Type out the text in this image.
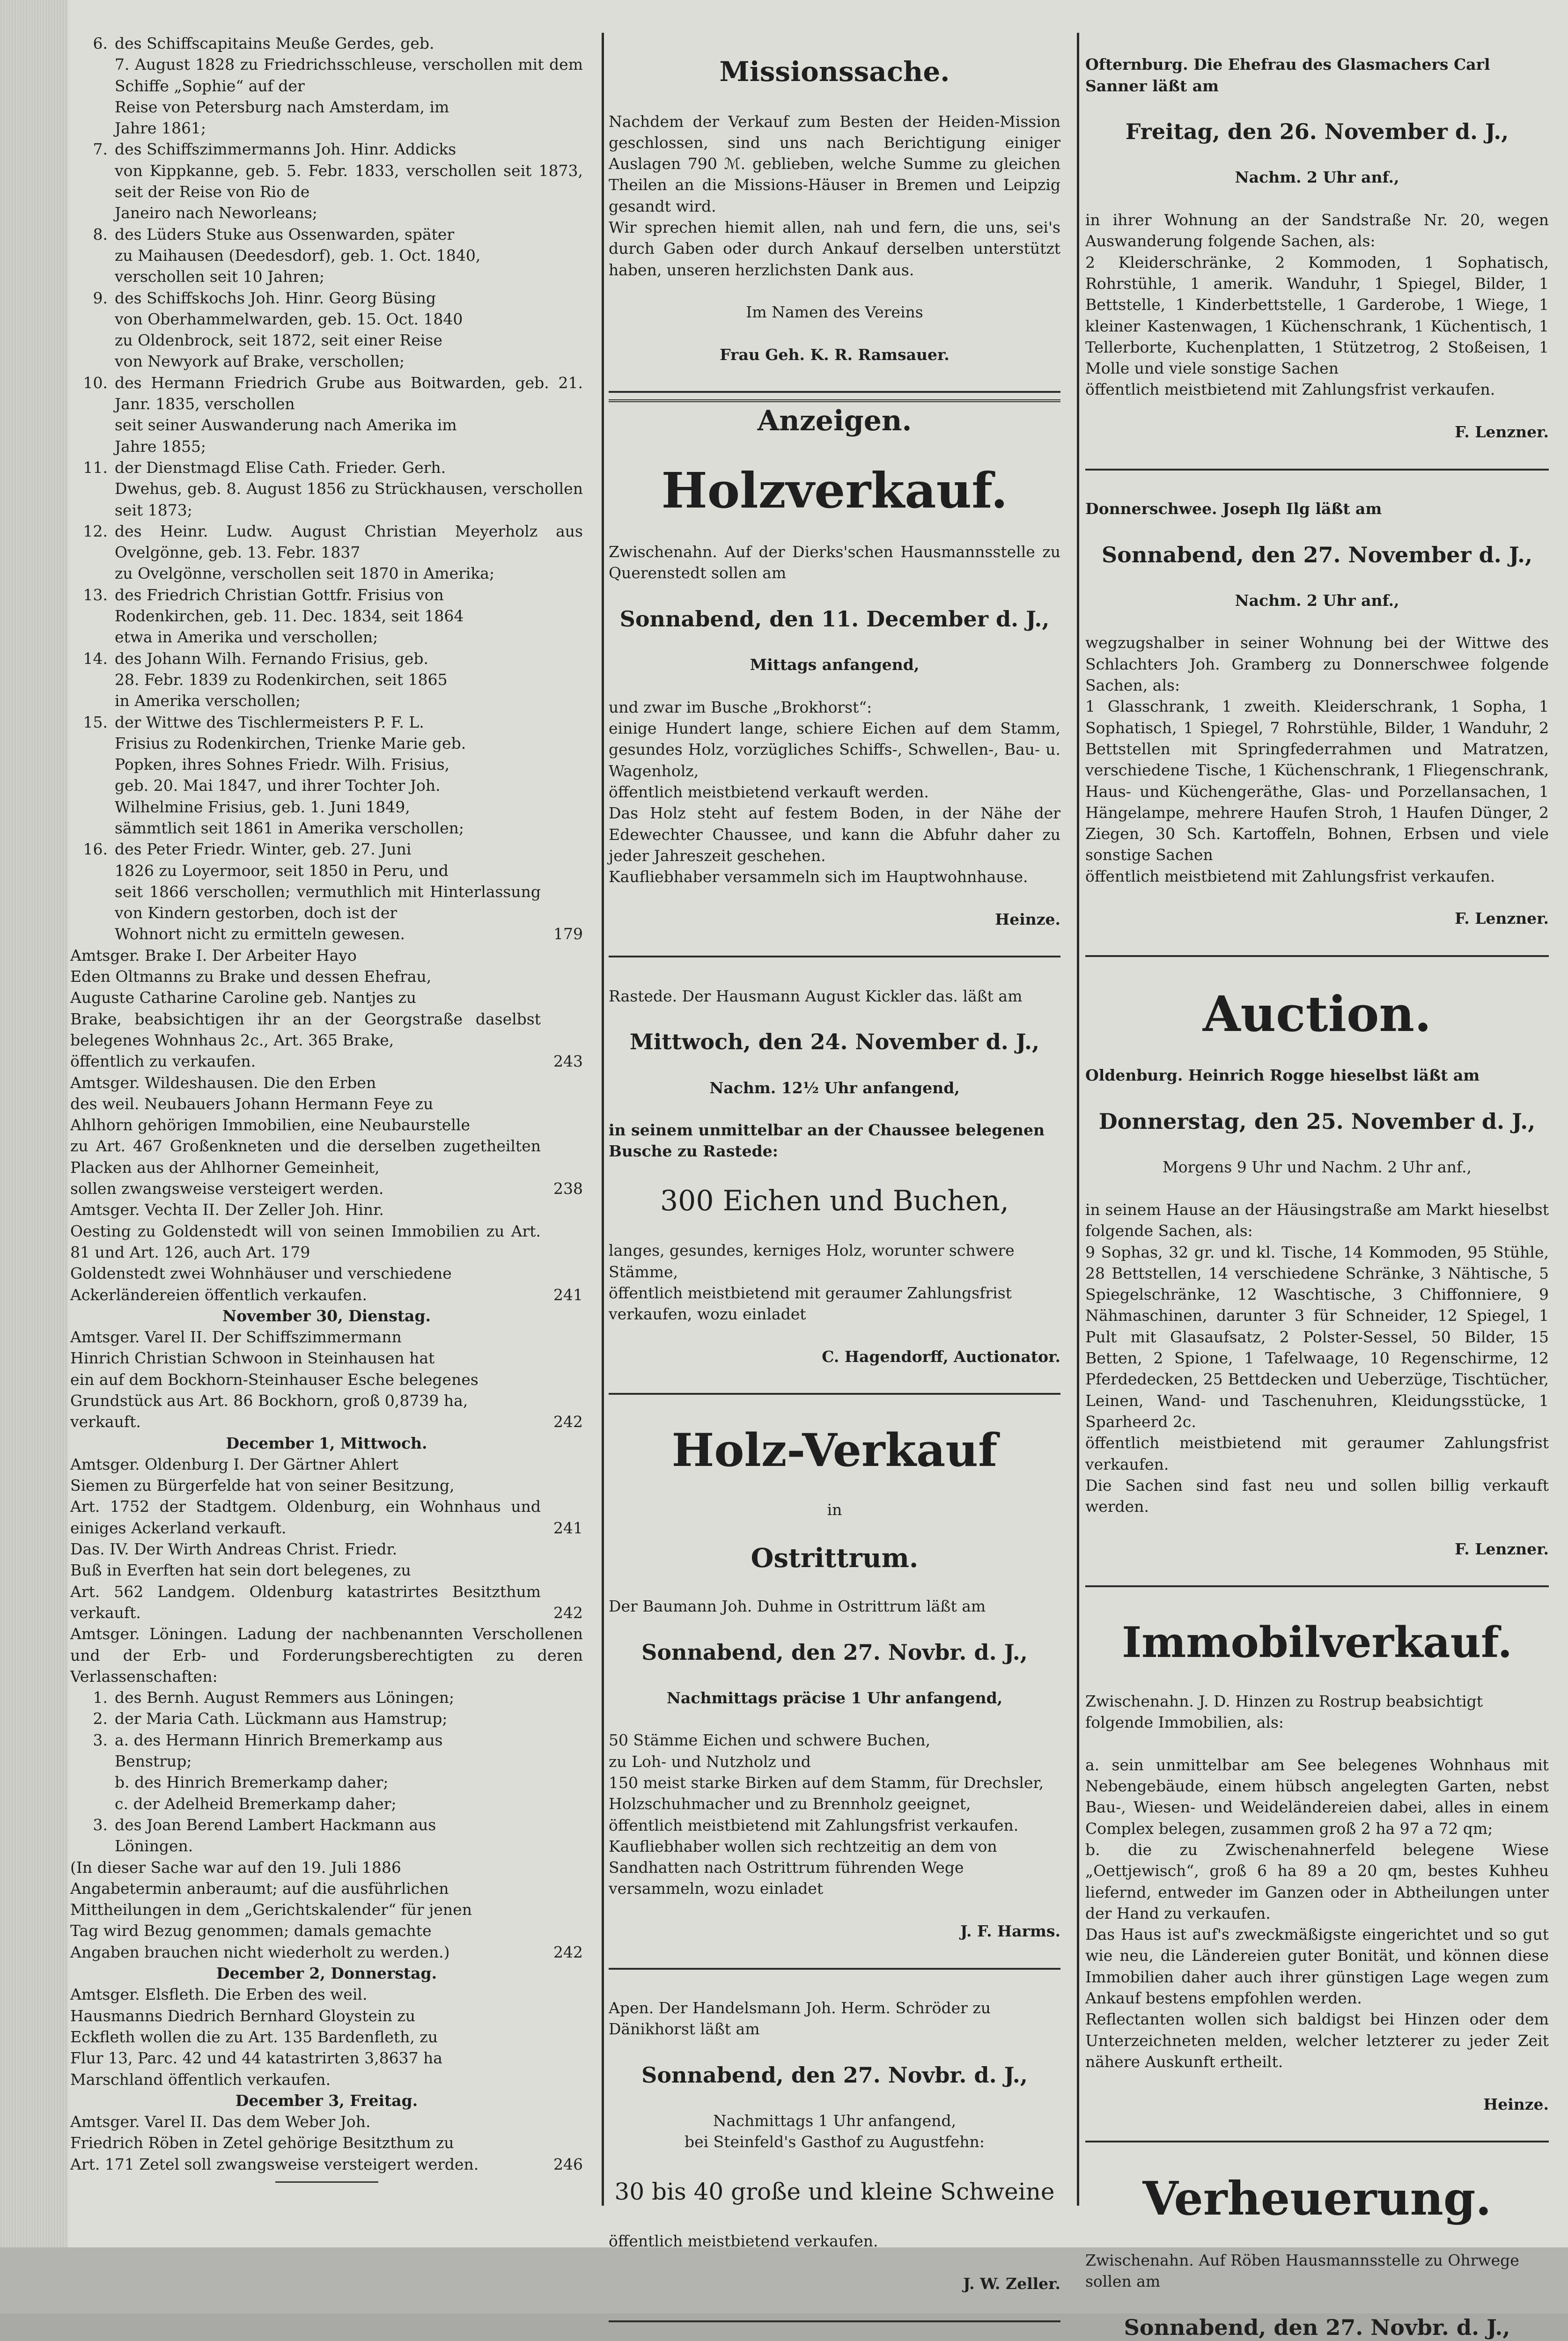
6. des Schiffscapitains Meuße Gerdes, geb.
7. August 1828 zu Friedrichsschleuse, verschollen mit dem Schiffe „Sophie“ auf der
Reise von Petersburg nach Amsterdam, im
Jahre 1861;
7. des Schiffszimmermanns Joh. Hinr. Addicks
von Kippkanne, geb. 5. Febr. 1833, verschollen seit 1873, seit der Reise von Rio de
Janeiro nach Neworleans;
8. des Lüders Stuke aus Ossenwarden, später
zu Maihausen (Deedesdorf), geb. 1. Oct. 1840,
verschollen seit 10 Jahren;
9. des Schiffskochs Joh. Hinr. Georg Büsing
von Oberhammelwarden, geb. 15. Oct. 1840
zu Oldenbrock, seit 1872, seit einer Reise
von Newyork auf Brake, verschollen;
10. des Hermann Friedrich Grube aus Boitwarden, geb. 21. Janr. 1835, verschollen
seit seiner Auswanderung nach Amerika im
Jahre 1855;
11. der Dienstmagd Elise Cath. Frieder. Gerh.
Dwehus, geb. 8. August 1856 zu Strückhausen, verschollen seit 1873;
12. des Heinr. Ludw. August Christian Meyerholz aus Ovelgönne, geb. 13. Febr. 1837
zu Ovelgönne, verschollen seit 1870 in Amerika;
13. des Friedrich Christian Gottfr. Frisius von
Rodenkirchen, geb. 11. Dec. 1834, seit 1864
etwa in Amerika und verschollen;
14. des Johann Wilh. Fernando Frisius, geb.
28. Febr. 1839 zu Rodenkirchen, seit 1865
in Amerika verschollen;
15. der Wittwe des Tischlermeisters P. F. L.
Frisius zu Rodenkirchen, Trienke Marie geb.
Popken, ihres Sohnes Friedr. Wilh. Frisius,
geb. 20. Mai 1847, und ihrer Tochter Joh.
Wilhelmine Frisius, geb. 1. Juni 1849,
sämmtlich seit 1861 in Amerika verschollen;
16. des Peter Friedr. Winter, geb. 27. Juni
1826 zu Loyermoor, seit 1850 in Peru, und
seit 1866 verschollen; vermuthlich mit Hinterlassung von Kindern gestorben, doch ist der
Wohnort nicht zu ermitteln gewesen.	179
Amtsger. Brake I. Der Arbeiter Hayo
Eden Oltmanns zu Brake und dessen Ehefrau,
Auguste Catharine Caroline geb. Nantjes zu
Brake, beabsichtigen ihr an der Georgstraße daselbst belegenes Wohnhaus 2c., Art. 365 Brake,
öffentlich zu verkaufen.	243
Amtsger. Wildeshausen. Die den Erben
des weil. Neubauers Johann Hermann Feye zu
Ahlhorn gehörigen Immobilien, eine Neubaurstelle
zu Art. 467 Großenkneten und die derselben zugetheilten Placken aus der Ahlhorner Gemeinheit,
sollen zwangsweise versteigert werden.	238
Amtsger. Vechta II. Der Zeller Joh. Hinr.
Oesting zu Goldenstedt will von seinen Immobilien zu Art. 81 und Art. 126, auch Art. 179
Goldenstedt zwei Wohnhäuser und verschiedene
Ackerländereien öffentlich verkaufen.	241
November 30, Dienstag.
Amtsger. Varel II. Der Schiffszimmermann
Hinrich Christian Schwoon in Steinhausen hat
ein auf dem Bockhorn-Steinhauser Esche belegenes
Grundstück aus Art. 86 Bockhorn, groß 0,8739 ha,
verkauft.	242
December 1, Mittwoch.
Amtsger. Oldenburg I. Der Gärtner Ahlert
Siemen zu Bürgerfelde hat von seiner Besitzung,
Art. 1752 der Stadtgem. Oldenburg, ein Wohnhaus und einiges Ackerland verkauft.	241
Das. IV. Der Wirth Andreas Christ. Friedr.
Buß in Everften hat sein dort belegenes, zu
Art. 562 Landgem. Oldenburg katastrirtes Besitzthum verkauft.	242
Amtsger. Löningen. Ladung der nachbenannten Verschollenen und der Erb- und Forderungsberechtigten zu deren Verlassenschaften:
1. des Bernh. August Remmers aus Löningen;
2. der Maria Cath. Lückmann aus Hamstrup;
3. a. des Hermann Hinrich Bremerkamp aus
Benstrup;
b. des Hinrich Bremerkamp daher;
c. der Adelheid Bremerkamp daher;
3. des Joan Berend Lambert Hackmann aus
Löningen.
(In dieser Sache war auf den 19. Juli 1886
Angabetermin anberaumt; auf die ausführlichen
Mittheilungen in dem „Gerichtskalender“ für jenen
Tag wird Bezug genommen; damals gemachte
Angaben brauchen nicht wiederholt zu werden.)	242
December 2, Donnerstag.
Amtsger. Elsfleth. Die Erben des weil.
Hausmanns Diedrich Bernhard Gloystein zu
Eckfleth wollen die zu Art. 135 Bardenfleth, zu
Flur 13, Parc. 42 und 44 katastrirten 3,8637 ha
Marschland öffentlich verkaufen.
December 3, Freitag.
Amtsger. Varel II. Das dem Weber Joh.
Friedrich Röben in Zetel gehörige Besitzthum zu
Art. 171 Zetel soll zwangsweise versteigert werden.	246

Missionssache.

Nachdem der Verkauf zum Besten der Heiden-Mission geschlossen, sind uns nach Berichtigung einiger Auslagen 790 ℳ. geblieben, welche Summe zu gleichen Theilen an die Missions-Häuser in Bremen und Leipzig gesandt wird.
Wir sprechen hiemit allen, nah und fern, die uns, sei's durch Gaben oder durch Ankauf derselben unterstützt haben, unseren herzlichsten Dank aus.

Im Namen des Vereins

Frau Geh. K. R. Ramsauer.

Anzeigen.

Holzverkauf.

Zwischenahn. Auf der Dierks'schen Hausmannsstelle zu Querenstedt sollen am

Sonnabend, den 11. December d. J.,

Mittags anfangend,

und zwar im Busche „Brokhorst“:
einige Hundert lange, schiere Eichen auf dem Stamm, gesundes Holz, vorzügliches Schiffs-, Schwellen-, Bau- u. Wagenholz,
öffentlich meistbietend verkauft werden.
Das Holz steht auf festem Boden, in der Nähe der Edewechter Chaussee, und kann die Abfuhr daher zu jeder Jahreszeit geschehen.
Kaufliebhaber versammeln sich im Hauptwohnhause.

Heinze.

Rastede. Der Hausmann August Kickler das. läßt am

Mittwoch, den 24. November d. J.,

Nachm. 12½ Uhr anfangend,

in seinem unmittelbar an der Chaussee belegenen Busche zu Rastede:

300 Eichen und Buchen,

langes, gesundes, kerniges Holz, worunter schwere Stämme,
öffentlich meistbietend mit geraumer Zahlungsfrist verkaufen, wozu einladet

C. Hagendorff, Auctionator.

Holz-Verkauf

in

Ostrittrum.

Der Baumann Joh. Duhme in Ostrittrum läßt am

Sonnabend, den 27. Novbr. d. J.,

Nachmittags präcise 1 Uhr anfangend,

50 Stämme Eichen und schwere Buchen,
zu Loh- und Nutzholz und
150 meist starke Birken auf dem Stamm, für Drechsler, Holzschuhmacher und zu Brennholz geeignet,
öffentlich meistbietend mit Zahlungsfrist verkaufen.
Kaufliebhaber wollen sich rechtzeitig an dem von Sandhatten nach Ostrittrum führenden Wege versammeln, wozu einladet

J. F. Harms.

Apen. Der Handelsmann Joh. Herm. Schröder zu Dänikhorst läßt am

Sonnabend, den 27. Novbr. d. J.,

Nachmittags 1 Uhr anfangend,
bei Steinfeld's Gasthof zu Augustfehn:

30 bis 40 große und kleine Schweine

öffentlich meistbietend verkaufen.

J. W. Zeller.

Ofternburg. Die Ehefrau des Glasmachers Carl Sanner läßt am

Freitag, den 26. November d. J.,

Nachm. 2 Uhr anf.,

in ihrer Wohnung an der Sandstraße Nr. 20, wegen Auswanderung folgende Sachen, als:
2 Kleiderschränke, 2 Kommoden, 1 Sophatisch, Rohrstühle, 1 amerik. Wanduhr, 1 Spiegel, Bilder, 1 Bettstelle, 1 Kinderbettstelle, 1 Garderobe, 1 Wiege, 1 kleiner Kastenwagen, 1 Küchenschrank, 1 Küchentisch, 1 Tellerborte, Kuchenplatten, 1 Stützetrog, 2 Stoßeisen, 1 Molle und viele sonstige Sachen
öffentlich meistbietend mit Zahlungsfrist verkaufen.

F. Lenzner.

Donnerschwee. Joseph Ilg läßt am

Sonnabend, den 27. November d. J.,

Nachm. 2 Uhr anf.,

wegzugshalber in seiner Wohnung bei der Wittwe des Schlachters Joh. Gramberg zu Donnerschwee folgende Sachen, als:
1 Glasschrank, 1 zweith. Kleiderschrank, 1 Sopha, 1 Sophatisch, 1 Spiegel, 7 Rohrstühle, Bilder, 1 Wanduhr, 2 Bettstellen mit Springfederrahmen und Matratzen, verschiedene Tische, 1 Küchenschrank, 1 Fliegenschrank, Haus- und Küchengeräthe, Glas- und Porzellansachen, 1 Hängelampe, mehrere Haufen Stroh, 1 Haufen Dünger, 2 Ziegen, 30 Sch. Kartoffeln, Bohnen, Erbsen und viele sonstige Sachen
öffentlich meistbietend mit Zahlungsfrist verkaufen.

F. Lenzner.

Auction.

Oldenburg. Heinrich Rogge hieselbst läßt am

Donnerstag, den 25. November d. J.,

Morgens 9 Uhr und Nachm. 2 Uhr anf.,

in seinem Hause an der Häusingstraße am Markt hieselbst folgende Sachen, als:
9 Sophas, 32 gr. und kl. Tische, 14 Kommoden, 95 Stühle, 28 Bettstellen, 14 verschiedene Schränke, 3 Nähtische, 5 Spiegelschränke, 12 Waschtische, 3 Chiffonniere, 9 Nähmaschinen, darunter 3 für Schneider, 12 Spiegel, 1 Pult mit Glasaufsatz, 2 Polster-Sessel, 50 Bilder, 15 Betten, 2 Spione, 1 Tafelwaage, 10 Regenschirme, 12 Pferdedecken, 25 Bettdecken und Ueberzüge, Tischtücher, Leinen, Wand- und Taschenuhren, Kleidungsstücke, 1 Sparheerd 2c.
öffentlich meistbietend mit geraumer Zahlungsfrist verkaufen.
Die Sachen sind fast neu und sollen billig verkauft werden.

F. Lenzner.

Immobilverkauf.

Zwischenahn. J. D. Hinzen zu Rostrup beabsichtigt folgende Immobilien, als:

a. sein unmittelbar am See belegenes Wohnhaus mit Nebengebäude, einem hübsch angelegten Garten, nebst Bau-, Wiesen- und Weideländereien dabei, alles in einem Complex belegen, zusammen groß 2 ha 97 a 72 qm;
b. die zu Zwischenahnerfeld belegene Wiese „Oettjewisch“, groß 6 ha 89 a 20 qm, bestes Kuhheu liefernd, entweder im Ganzen oder in Abtheilungen unter der Hand zu verkaufen.
Das Haus ist auf's zweckmäßigste eingerichtet und so gut wie neu, die Ländereien guter Bonität, und können diese Immobilien daher auch ihrer günstigen Lage wegen zum Ankauf bestens empfohlen werden.
Reflectanten wollen sich baldigst bei Hinzen oder dem Unterzeichneten melden, welcher letzterer zu jeder Zeit nähere Auskunft ertheilt.

Heinze.

Verheuerung.

Zwischenahn. Auf Röben Hausmannsstelle zu Ohrwege sollen am

Sonnabend, den 27. Novbr. d. J.,
